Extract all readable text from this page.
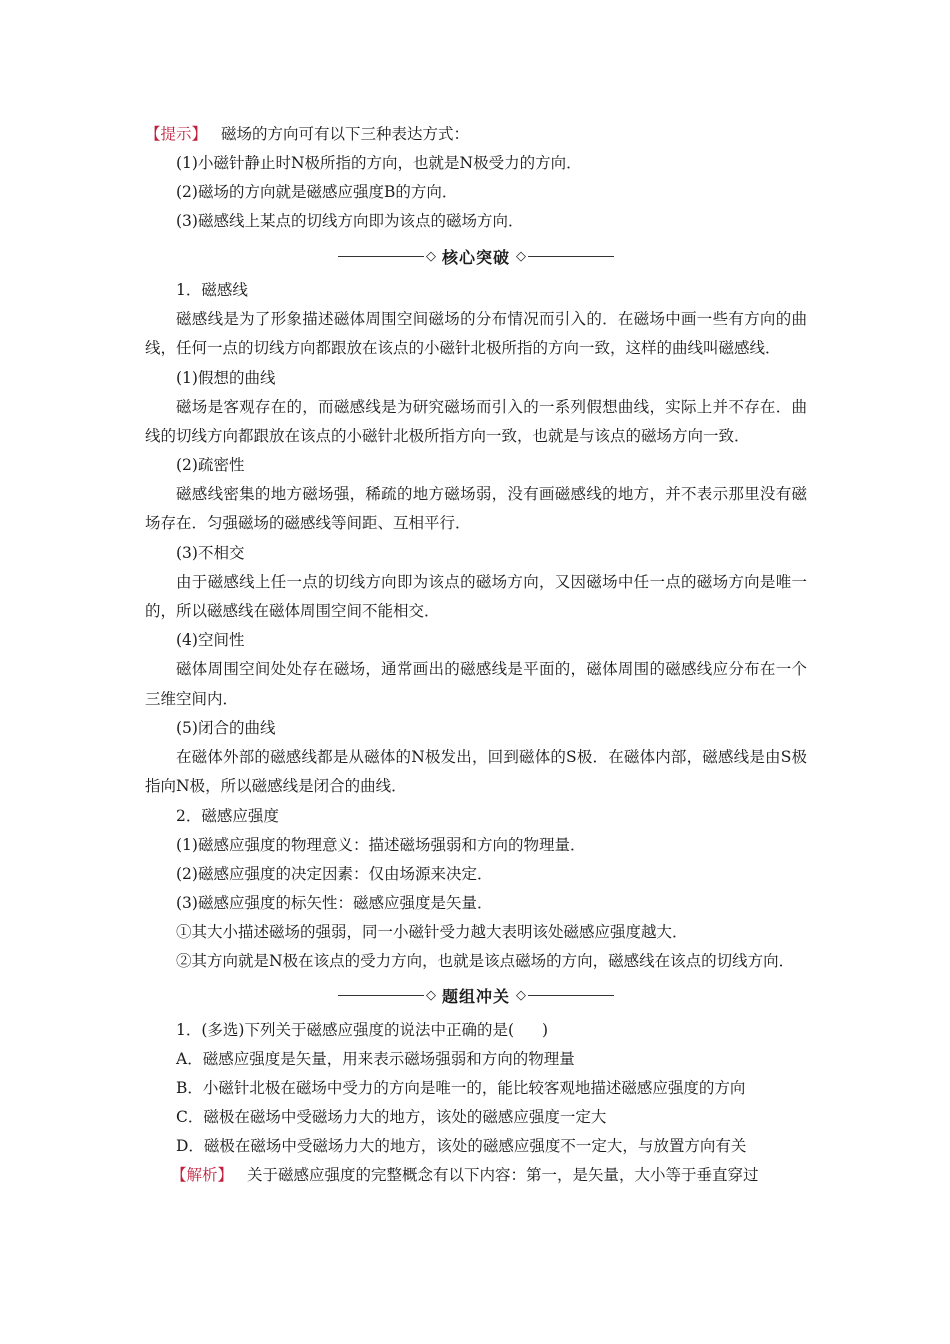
【提示】 磁场的方向可有以下三种表达方式：
(1)小磁针静止时N极所指的方向，也就是N极受力的方向．
(2)磁场的方向就是磁感应强度B的方向．
(3)磁感线上某点的切线方向即为该点的磁场方向．
◇ 核心突破 ◇
1．磁感线

磁感线是为了形象描述磁体周围空间磁场的分布情况而引入的．在磁场中画一些有方向的曲线，任何一点的切线方向都跟放在该点的小磁针北极所指的方向一致，这样的曲线叫磁感线．

(1)假想的曲线

磁场是客观存在的，而磁感线是为研究磁场而引入的一系列假想曲线，实际上并不存在．曲线的切线方向都跟放在该点的小磁针北极所指方向一致，也就是与该点的磁场方向一致．

(2)疏密性

磁感线密集的地方磁场强，稀疏的地方磁场弱，没有画磁感线的地方，并不表示那里没有磁场存在．匀强磁场的磁感线等间距、互相平行．

(3)不相交

由于磁感线上任一点的切线方向即为该点的磁场方向，又因磁场中任一点的磁场方向是唯一的，所以磁感线在磁体周围空间不能相交．

(4)空间性

磁体周围空间处处存在磁场，通常画出的磁感线是平面的，磁体周围的磁感线应分布在一个三维空间内．

(5)闭合的曲线

在磁体外部的磁感线都是从磁体的N极发出，回到磁体的S极．在磁体内部，磁感线是由S极指向N极，所以磁感线是闭合的曲线．

2．磁感应强度
(1)磁感应强度的物理意义：描述磁场强弱和方向的物理量．
(2)磁感应强度的决定因素：仅由场源来决定．
(3)磁感应强度的标矢性：磁感应强度是矢量．
①其大小描述磁场的强弱，同一小磁针受力越大表明该处磁感应强度越大．

②其方向就是N极在该点的受力方向，也就是该点磁场的方向，磁感线在该点的切线方向．

◇ 题组冲关 ◇
1．(多选)下列关于磁感应强度的说法中正确的是( )
A．磁感应强度是矢量，用来表示磁场强弱和方向的物理量
B．小磁针北极在磁场中受力的方向是唯一的，能比较客观地描述磁感应强度的方向
C．磁极在磁场中受磁场力大的地方，该处的磁感应强度一定大
D．磁极在磁场中受磁场力大的地方，该处的磁感应强度不一定大，与放置方向有关
【解析】 关于磁感应强度的完整概念有以下内容：第一，是矢量，大小等于垂直穿过
